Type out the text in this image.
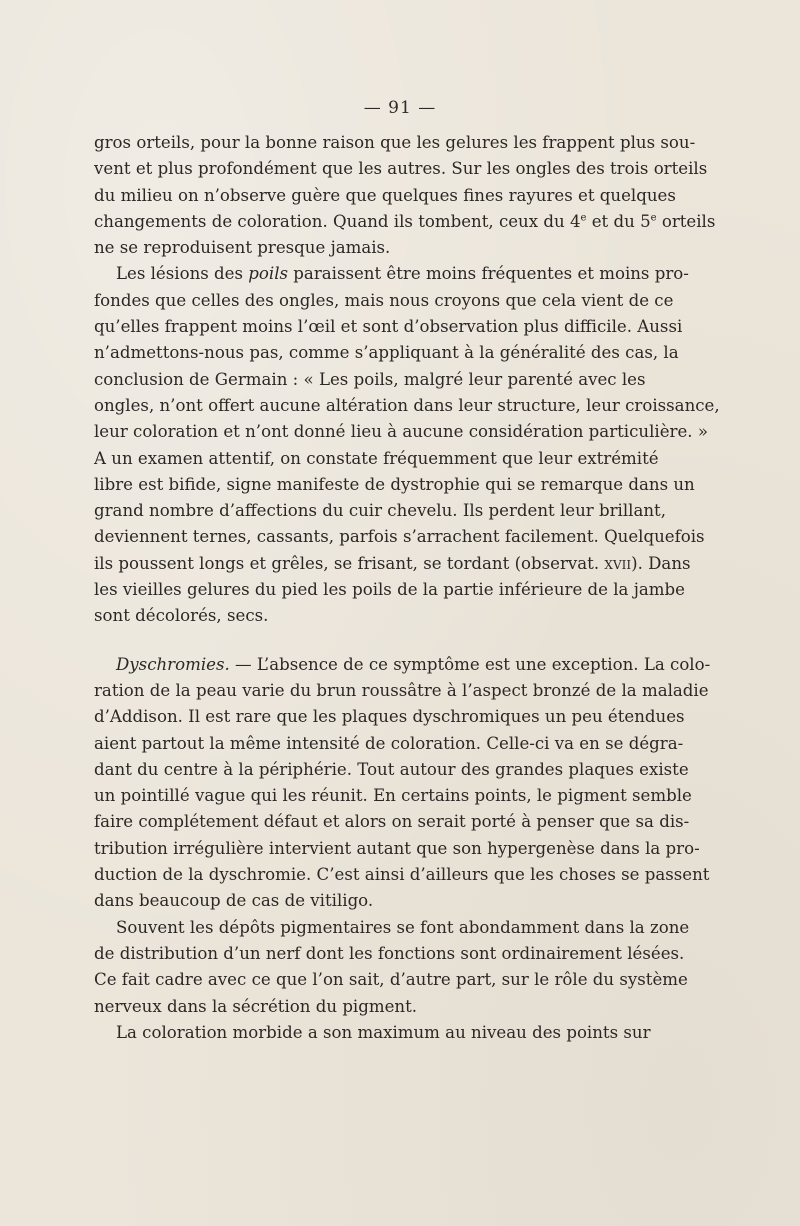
— 91 —
gros orteils, pour la bonne raison que les gelures les frappent plus sou-
vent et plus profondément que les autres. Sur les ongles des trois orteils
du milieu on n’observe guère que quelques fines rayures et quelques
changements de coloration. Quand ils tombent, ceux du 4e et du 5e orteils
ne se reproduisent presque jamais.
Les lésions des poils paraissent être moins fréquentes et moins pro-
fondes que celles des ongles, mais nous croyons que cela vient de ce
qu’elles frappent moins l’œil et sont d’observation plus difficile. Aussi
n’admettons-nous pas, comme s’appliquant à la généralité des cas, la
conclusion de Germain : « Les poils, malgré leur parenté avec les
ongles, n’ont offert aucune altération dans leur structure, leur croissance,
leur coloration et n’ont donné lieu à aucune considération particulière. »
A un examen attentif, on constate fréquemment que leur extrémité
libre est bifide, signe manifeste de dystrophie qui se remarque dans un
grand nombre d’affections du cuir chevelu. Ils perdent leur brillant,
deviennent ternes, cassants, parfois s’arrachent facilement. Quelquefois
ils poussent longs et grêles, se frisant, se tordant (observat. xvii). Dans
les vieilles gelures du pied les poils de la partie inférieure de la jambe
sont décolorés, secs.
Dyschromies. — L’absence de ce symptôme est une exception. La colo-
ration de la peau varie du brun roussâtre à l’aspect bronzé de la maladie
d’Addison. Il est rare que les plaques dyschromiques un peu étendues
aient partout la même intensité de coloration. Celle-ci va en se dégra-
dant du centre à la périphérie. Tout autour des grandes plaques existe
un pointillé vague qui les réunit. En certains points, le pigment semble
faire complétement défaut et alors on serait porté à penser que sa dis-
tribution irrégulière intervient autant que son hypergenèse dans la pro-
duction de la dyschromie. C’est ainsi d’ailleurs que les choses se passent
dans beaucoup de cas de vitiligo.
Souvent les dépôts pigmentaires se font abondamment dans la zone
de distribution d’un nerf dont les fonctions sont ordinairement lésées.
Ce fait cadre avec ce que l’on sait, d’autre part, sur le rôle du système
nerveux dans la sécrétion du pigment.
La coloration morbide a son maximum au niveau des points sur
